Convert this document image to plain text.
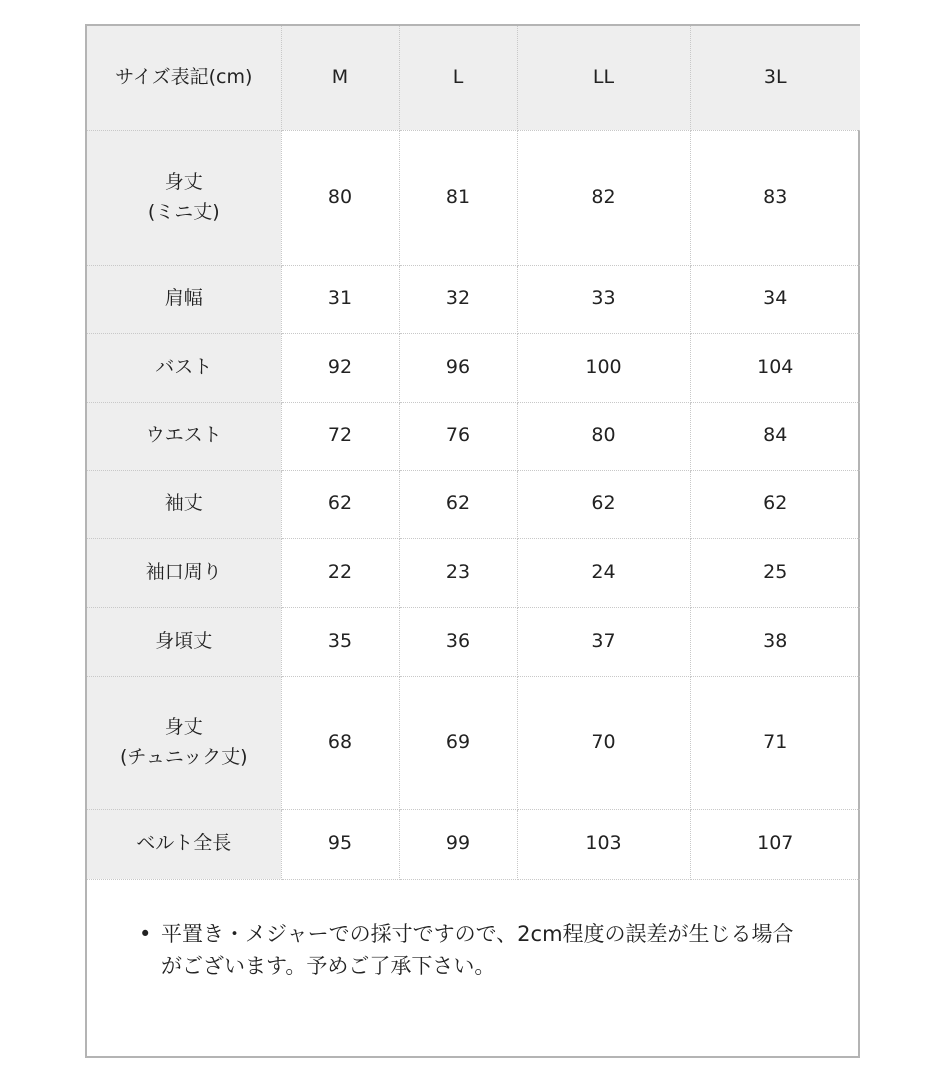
サイズ表記(cm)	M	L	LL	3L
身丈
(ミニ丈)	80	81	82	83
肩幅	31	32	33	34
バスト	92	96	100	104
ウエスト	72	76	80	84
袖丈	62	62	62	62
袖口周り	22	23	24	25
身頃丈	35	36	37	38
身丈
(チュニック丈)	68	69	70	71
ベルト全長	95	99	103	107
• 平置き・メジャーでの採寸ですので、2cm程度の誤差が生じる場合がございます。予めご了承下さい。
